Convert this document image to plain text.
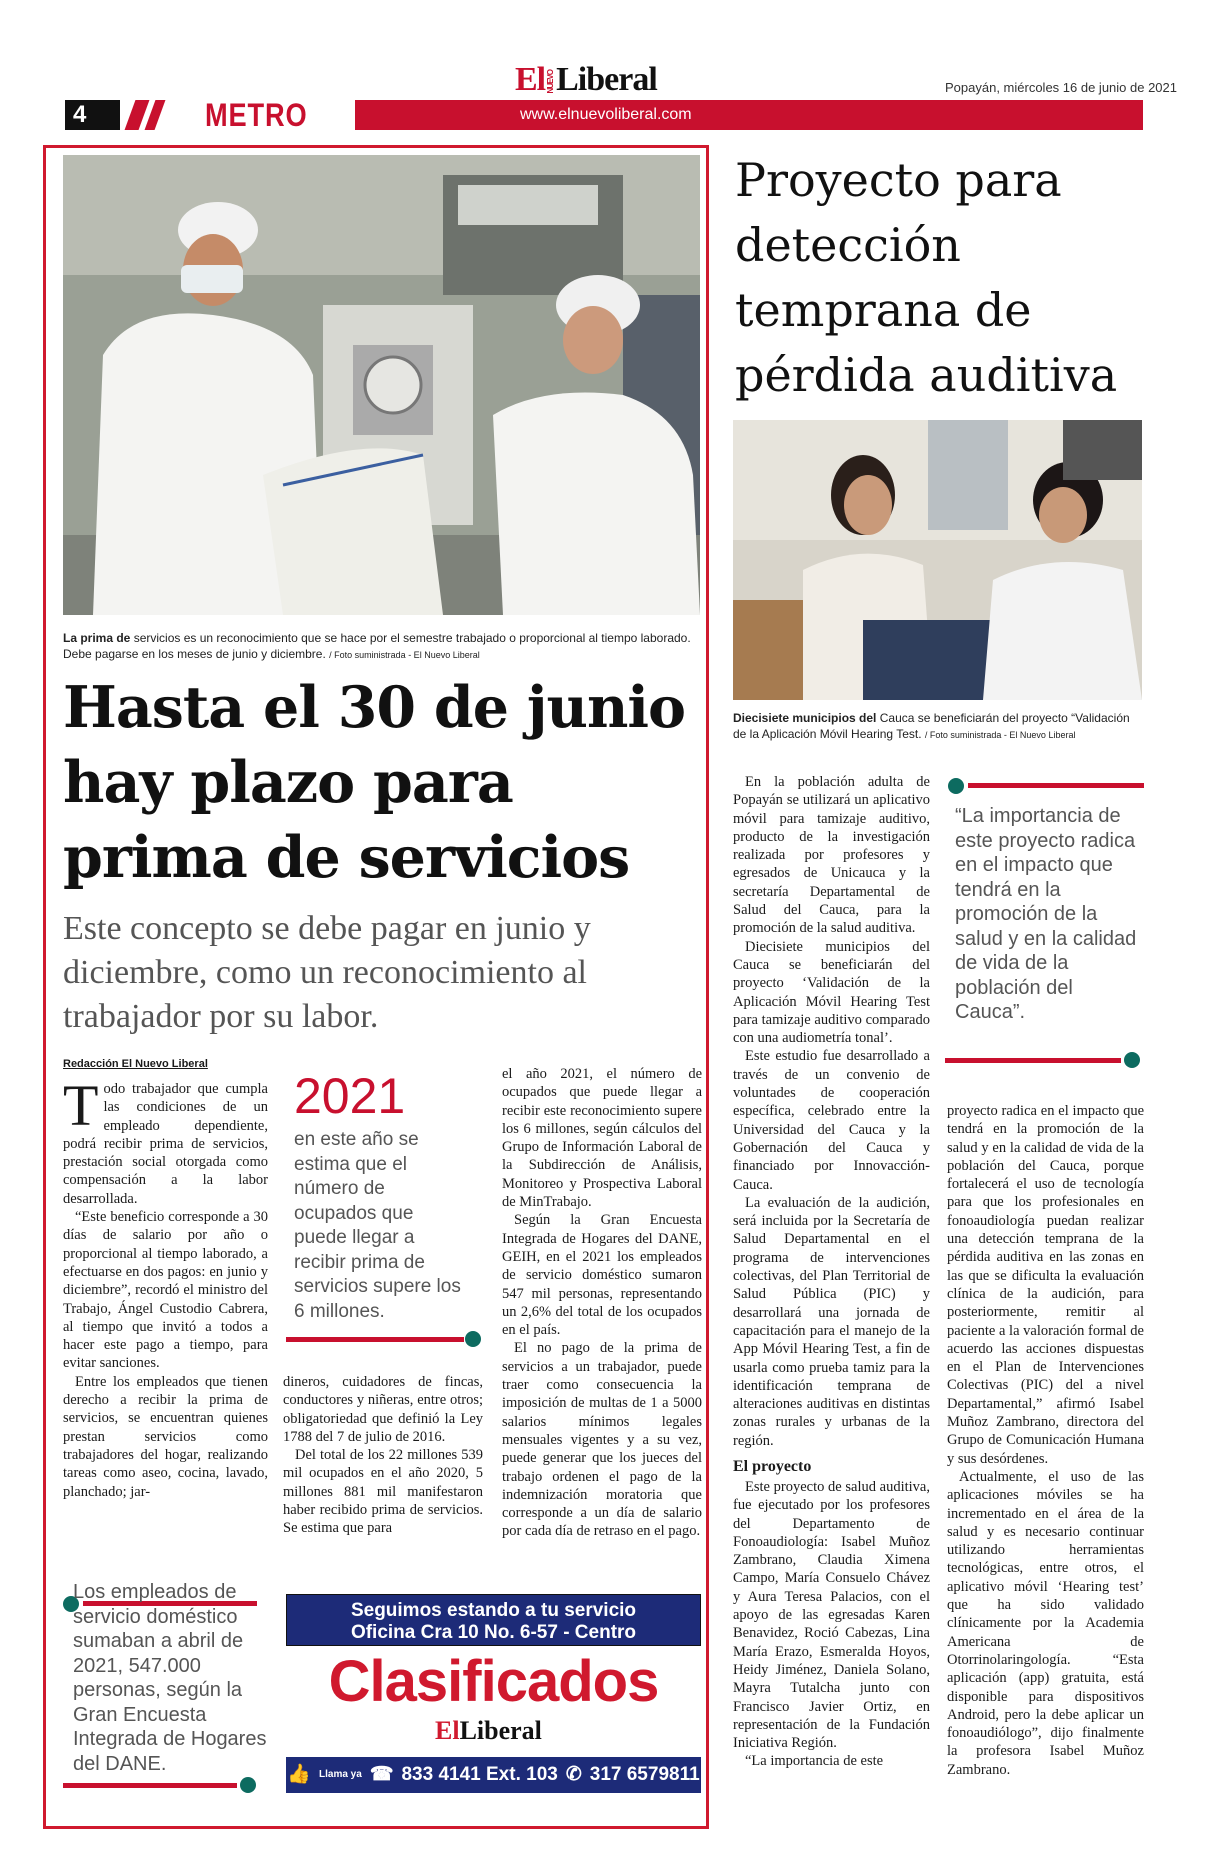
4	METRO	www.elnuevoliberal.com
ElNUEVOLiberal	Popayán, miércoles 16 de junio de 2021
La prima de servicios es un reconocimiento que se hace por el semestre trabajado o proporcional al tiempo laborado. Debe pagarse en los meses de junio y diciembre. / Foto suministrada - El Nuevo Liberal
Hasta el 30 de junio hay plazo para prima de servicios
Este concepto se debe pagar en junio y diciembre, como un reconocimiento al trabajador por su labor.
Redacción El Nuevo Liberal

Todo trabajador que cumpla las condiciones de un empleado dependiente, podrá recibir prima de servicios, prestación social otorgada como compensación a la labor desarrollada.

“Este beneficio corresponde a 30 días de salario por año o proporcional al tiempo laborado, a efectuarse en dos pagos: en junio y diciembre”, recordó el ministro del Trabajo, Ángel Custodio Cabrera, al tiempo que invitó a todos a hacer este pago a tiempo, para evitar sanciones.

Entre los empleados que tienen derecho a recibir la prima de servicios, se encuentran quienes prestan servicios como trabajadores del hogar, realizando tareas como aseo, cocina, lavado, planchado; jar-

2021
en este año se estima que el número de ocupados que puede llegar a recibir prima de servicios supere los 6 millones.

dineros, cuidadores de fincas, conductores y niñeras, entre otros; obligatoriedad que definió la Ley 1788 del 7 de julio de 2016.

Del total de los 22 millones 539 mil ocupados en el año 2020, 5 millones 881 mil manifestaron haber recibido prima de servicios. Se estima que para

el año 2021, el número de ocupados que puede llegar a recibir este reconocimiento supere los 6 millones, según cálculos del Grupo de Información Laboral de la Subdirección de Análisis, Monitoreo y Prospectiva Laboral de MinTrabajo.

Según la Gran Encuesta Integrada de Hogares del DANE, GEIH, en el 2021 los empleados de servicio doméstico sumaron 547 mil personas, representando un 2,6% del total de los ocupados en el país.

El no pago de la prima de servicios a un trabajador, puede traer como consecuencia la imposición de multas de 1 a 5000 salarios mínimos legales mensuales vigentes y a su vez, puede generar que los jueces del trabajo ordenen el pago de la indemnización moratoria que corresponde a un día de salario por cada día de retraso en el pago.

Los empleados de servicio doméstico sumaban a abril de 2021, 547.000 personas, según la Gran Encuesta Integrada de Hogares del DANE.
Seguimos estando a tu servicio
Oficina Cra 10 No. 6-57 - Centro
Clasificados
ElLiberal
👍 Llama ya ☎ 833 4141 Ext. 103 ✆ 317 6579811
Proyecto para detección temprana de pérdida auditiva
Diecisiete municipios del Cauca se beneficiarán del proyecto “Validación de la Aplicación Móvil Hearing Test. / Foto suministrada - El Nuevo Liberal

En la población adulta de Popayán se utilizará un aplicativo móvil para tamizaje auditivo, producto de la investigación realizada por profesores y egresados de Unicauca y la secretaría Departamental de Salud del Cauca, para la promoción de la salud auditiva.

Diecisiete municipios del Cauca se beneficiarán del proyecto ‘Validación de la Aplicación Móvil Hearing Test para tamizaje auditivo comparado con una audiometría tonal’.

Este estudio fue desarrollado a través de un convenio de voluntades de cooperación específica, celebrado entre la Universidad del Cauca y la Gobernación del Cauca y financiado por Innovacción-Cauca.

La evaluación de la audición, será incluida por la Secretaría de Salud Departamental en el programa de intervenciones colectivas, del Plan Territorial de Salud Pública (PIC) y desarrollará una jornada de capacitación para el manejo de la App Móvil Hearing Test, a fin de usarla como prueba tamiz para la identificación temprana de alteraciones auditivas en distintas zonas rurales y urbanas de la región.

El proyecto

Este proyecto de salud auditiva, fue ejecutado por los profesores del Departamento de Fonoaudiología: Isabel Muñoz Zambrano, Claudia Ximena Campo, María Consuelo Chávez y Aura Teresa Palacios, con el apoyo de las egresadas Karen Benavidez, Roció Cabezas, Lina María Erazo, Esmeralda Hoyos, Heidy Jiménez, Daniela Solano, Mayra Tutalcha junto con Francisco Javier Ortiz, en representación de la Fundación Iniciativa Región.

“La importancia de este

“La importancia de este proyecto radica en el impacto que tendrá en la promoción de la salud y en la calidad de vida de la población del Cauca”.

proyecto radica en el impacto que tendrá en la promoción de la salud y en la calidad de vida de la población del Cauca, porque fortalecerá el uso de tecnología para que los profesionales en fonoaudiología puedan realizar una detección temprana de la pérdida auditiva en las zonas en las que se dificulta la evaluación clínica de la audición, para posteriormente, remitir al paciente a la valoración formal de acuerdo las acciones dispuestas en el Plan de Intervenciones Colectivas (PIC) del a nivel Departamental,” afirmó Isabel Muñoz Zambrano, directora del Grupo de Comunicación Humana y sus desórdenes.

Actualmente, el uso de las aplicaciones móviles se ha incrementado en el área de la salud y es necesario continuar utilizando herramientas tecnológicas, entre otros, el aplicativo móvil ‘Hearing test’ que ha sido validado clínicamente por la Academia Americana de Otorrinolaringología. “Esta aplicación (app) gratuita, está disponible para dispositivos Android, pero la debe aplicar un fonoaudiólogo”, dijo finalmente la profesora Isabel Muñoz Zambrano.
